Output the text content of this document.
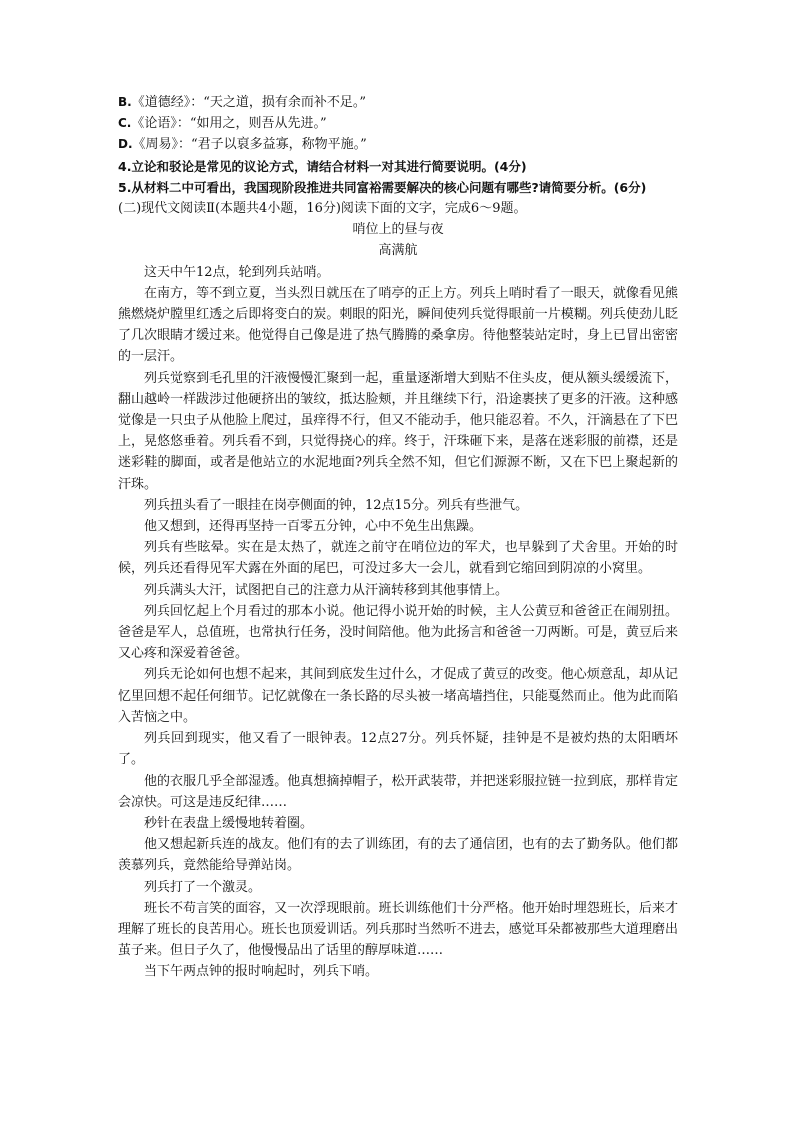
B.《道德经》：“天之道，损有余而补不足。”

C.《论语》：“如用之，则吾从先进。”

D.《周易》：“君子以裒多益寡，称物平施。”

4.立论和驳论是常见的议论方式，请结合材料一对其进行简要说明。(4分)

5.从材料二中可看出，我国现阶段推进共同富裕需要解决的核心问题有哪些?请简要分析。(6分)

(二)现代文阅读Ⅱ(本题共4小题，16分)阅读下面的文字，完成6～9题。

哨位上的昼与夜

高满航

这天中午12点，轮到列兵站哨。

在南方，等不到立夏，当头烈日就压在了哨亭的正上方。列兵上哨时看了一眼天，就像看见熊熊燃烧炉膛里红透之后即将变白的炭。刺眼的阳光，瞬间使列兵觉得眼前一片模糊。列兵使劲儿眨了几次眼睛才缓过来。他觉得自己像是进了热气腾腾的桑拿房。待他整装站定时，身上已冒出密密的一层汗。

列兵觉察到毛孔里的汗液慢慢汇聚到一起，重量逐渐增大到贴不住头皮，便从额头缓缓流下，翻山越岭一样跋涉过他硬挤出的皱纹，抵达脸颊，并且继续下行，沿途裹挟了更多的汗液。这种感觉像是一只虫子从他脸上爬过，虽痒得不行，但又不能动手，他只能忍着。不久，汗滴悬在了下巴上，晃悠悠垂着。列兵看不到，只觉得挠心的痒。终于，汗珠砸下来，是落在迷彩服的前襟，还是迷彩鞋的脚面，或者是他站立的水泥地面?列兵全然不知，但它们源源不断，又在下巴上聚起新的汗珠。

列兵扭头看了一眼挂在岗亭侧面的钟，12点15分。列兵有些泄气。

他又想到，还得再坚持一百零五分钟，心中不免生出焦躁。

列兵有些眩晕。实在是太热了，就连之前守在哨位边的军犬，也早躲到了犬舍里。开始的时候，列兵还看得见军犬露在外面的尾巴，可没过多大一会儿，就看到它缩回到阴凉的小窝里。

列兵满头大汗，试图把自己的注意力从汗滴转移到其他事情上。

列兵回忆起上个月看过的那本小说。他记得小说开始的时候，主人公黄豆和爸爸正在闹别扭。爸爸是军人，总值班，也常执行任务，没时间陪他。他为此扬言和爸爸一刀两断。可是，黄豆后来又心疼和深爱着爸爸。

列兵无论如何也想不起来，其间到底发生过什么，才促成了黄豆的改变。他心烦意乱，却从记忆里回想不起任何细节。记忆就像在一条长路的尽头被一堵高墙挡住，只能戛然而止。他为此而陷入苦恼之中。

列兵回到现实，他又看了一眼钟表。12点27分。列兵怀疑，挂钟是不是被灼热的太阳晒坏了。

他的衣服几乎全部湿透。他真想摘掉帽子，松开武装带，并把迷彩服拉链一拉到底，那样肯定会凉快。可这是违反纪律……

秒针在表盘上缓慢地转着圈。

他又想起新兵连的战友。他们有的去了训练团，有的去了通信团，也有的去了勤务队。他们都羡慕列兵，竟然能给导弹站岗。

列兵打了一个激灵。

班长不苟言笑的面容，又一次浮现眼前。班长训练他们十分严格。他开始时埋怨班长，后来才理解了班长的良苦用心。班长也顶爱训话。列兵那时当然听不进去，感觉耳朵都被那些大道理磨出茧子来。但日子久了，他慢慢品出了话里的醇厚味道……

当下午两点钟的报时响起时，列兵下哨。
